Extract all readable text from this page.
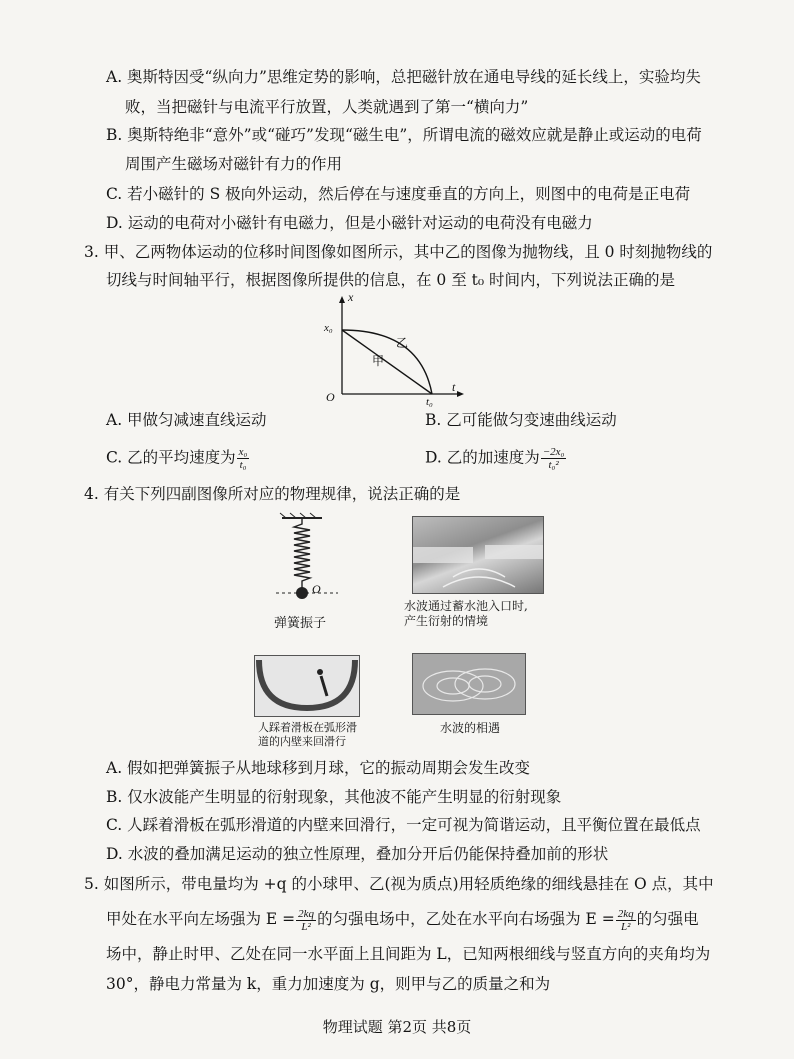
A. 奥斯特因受“纵向力”思维定势的影响，总把磁针放在通电导线的延长线上，实验均失
败，当把磁针与电流平行放置，人类就遇到了第一“横向力”
B. 奥斯特绝非“意外”或“碰巧”发现“磁生电”，所谓电流的磁效应就是静止或运动的电荷
周围产生磁场对磁针有力的作用
C. 若小磁针的 S 极向外运动，然后停在与速度垂直的方向上，则图中的电荷是正电荷
D. 运动的电荷对小磁针有电磁力，但是小磁针对运动的电荷没有电磁力
3. 甲、乙两物体运动的位移时间图像如图所示，其中乙的图像为抛物线，且 0 时刻抛物线的
切线与时间轴平行，根据图像所提供的信息，在 0 至 t₀ 时间内，下列说法正确的是
x
t
O
x₀
t₀
乙
甲
A. 甲做匀减速直线运动	B. 乙可能做匀变速曲线运动
C. 乙的平均速度为 $\frac{\text{x₀}}{\text{t₀}}$	D. 乙的加速度为 $\frac{\text{−2x₀}}{\text{t₀²}}$
4. 有关下列四副图像所对应的物理规律，说法正确的是
O
弹簧振子
水波通过蓄水池入口时,
产生衍射的情境
人踩着滑板在弧形滑
道的内壁来回滑行
水波的相遇
A. 假如把弹簧振子从地球移到月球，它的振动周期会发生改变
B. 仅水波能产生明显的衍射现象，其他波不能产生明显的衍射现象
C. 人踩着滑板在弧形滑道的内壁来回滑行，一定可视为简谐运动，且平衡位置在最低点
D. 水波的叠加满足运动的独立性原理，叠加分开后仍能保持叠加前的形状
5. 如图所示，带电量均为 +q 的小球甲、乙(视为质点)用轻质绝缘的细线悬挂在 O 点，其中
甲处在水平向左场强为 $E = \frac{2kq}{\text{L²}}$ 的匀强电场中，乙处在水平向右场强为 $E = \frac{2kq}{\text{L²}}$ 的匀强电
场中，静止时甲、乙处在同一水平面上且间距为 L，已知两根细线与竖直方向的夹角均为
30°，静电力常量为 k，重力加速度为 g，则甲与乙的质量之和为
物理试题 第2页 共8页
